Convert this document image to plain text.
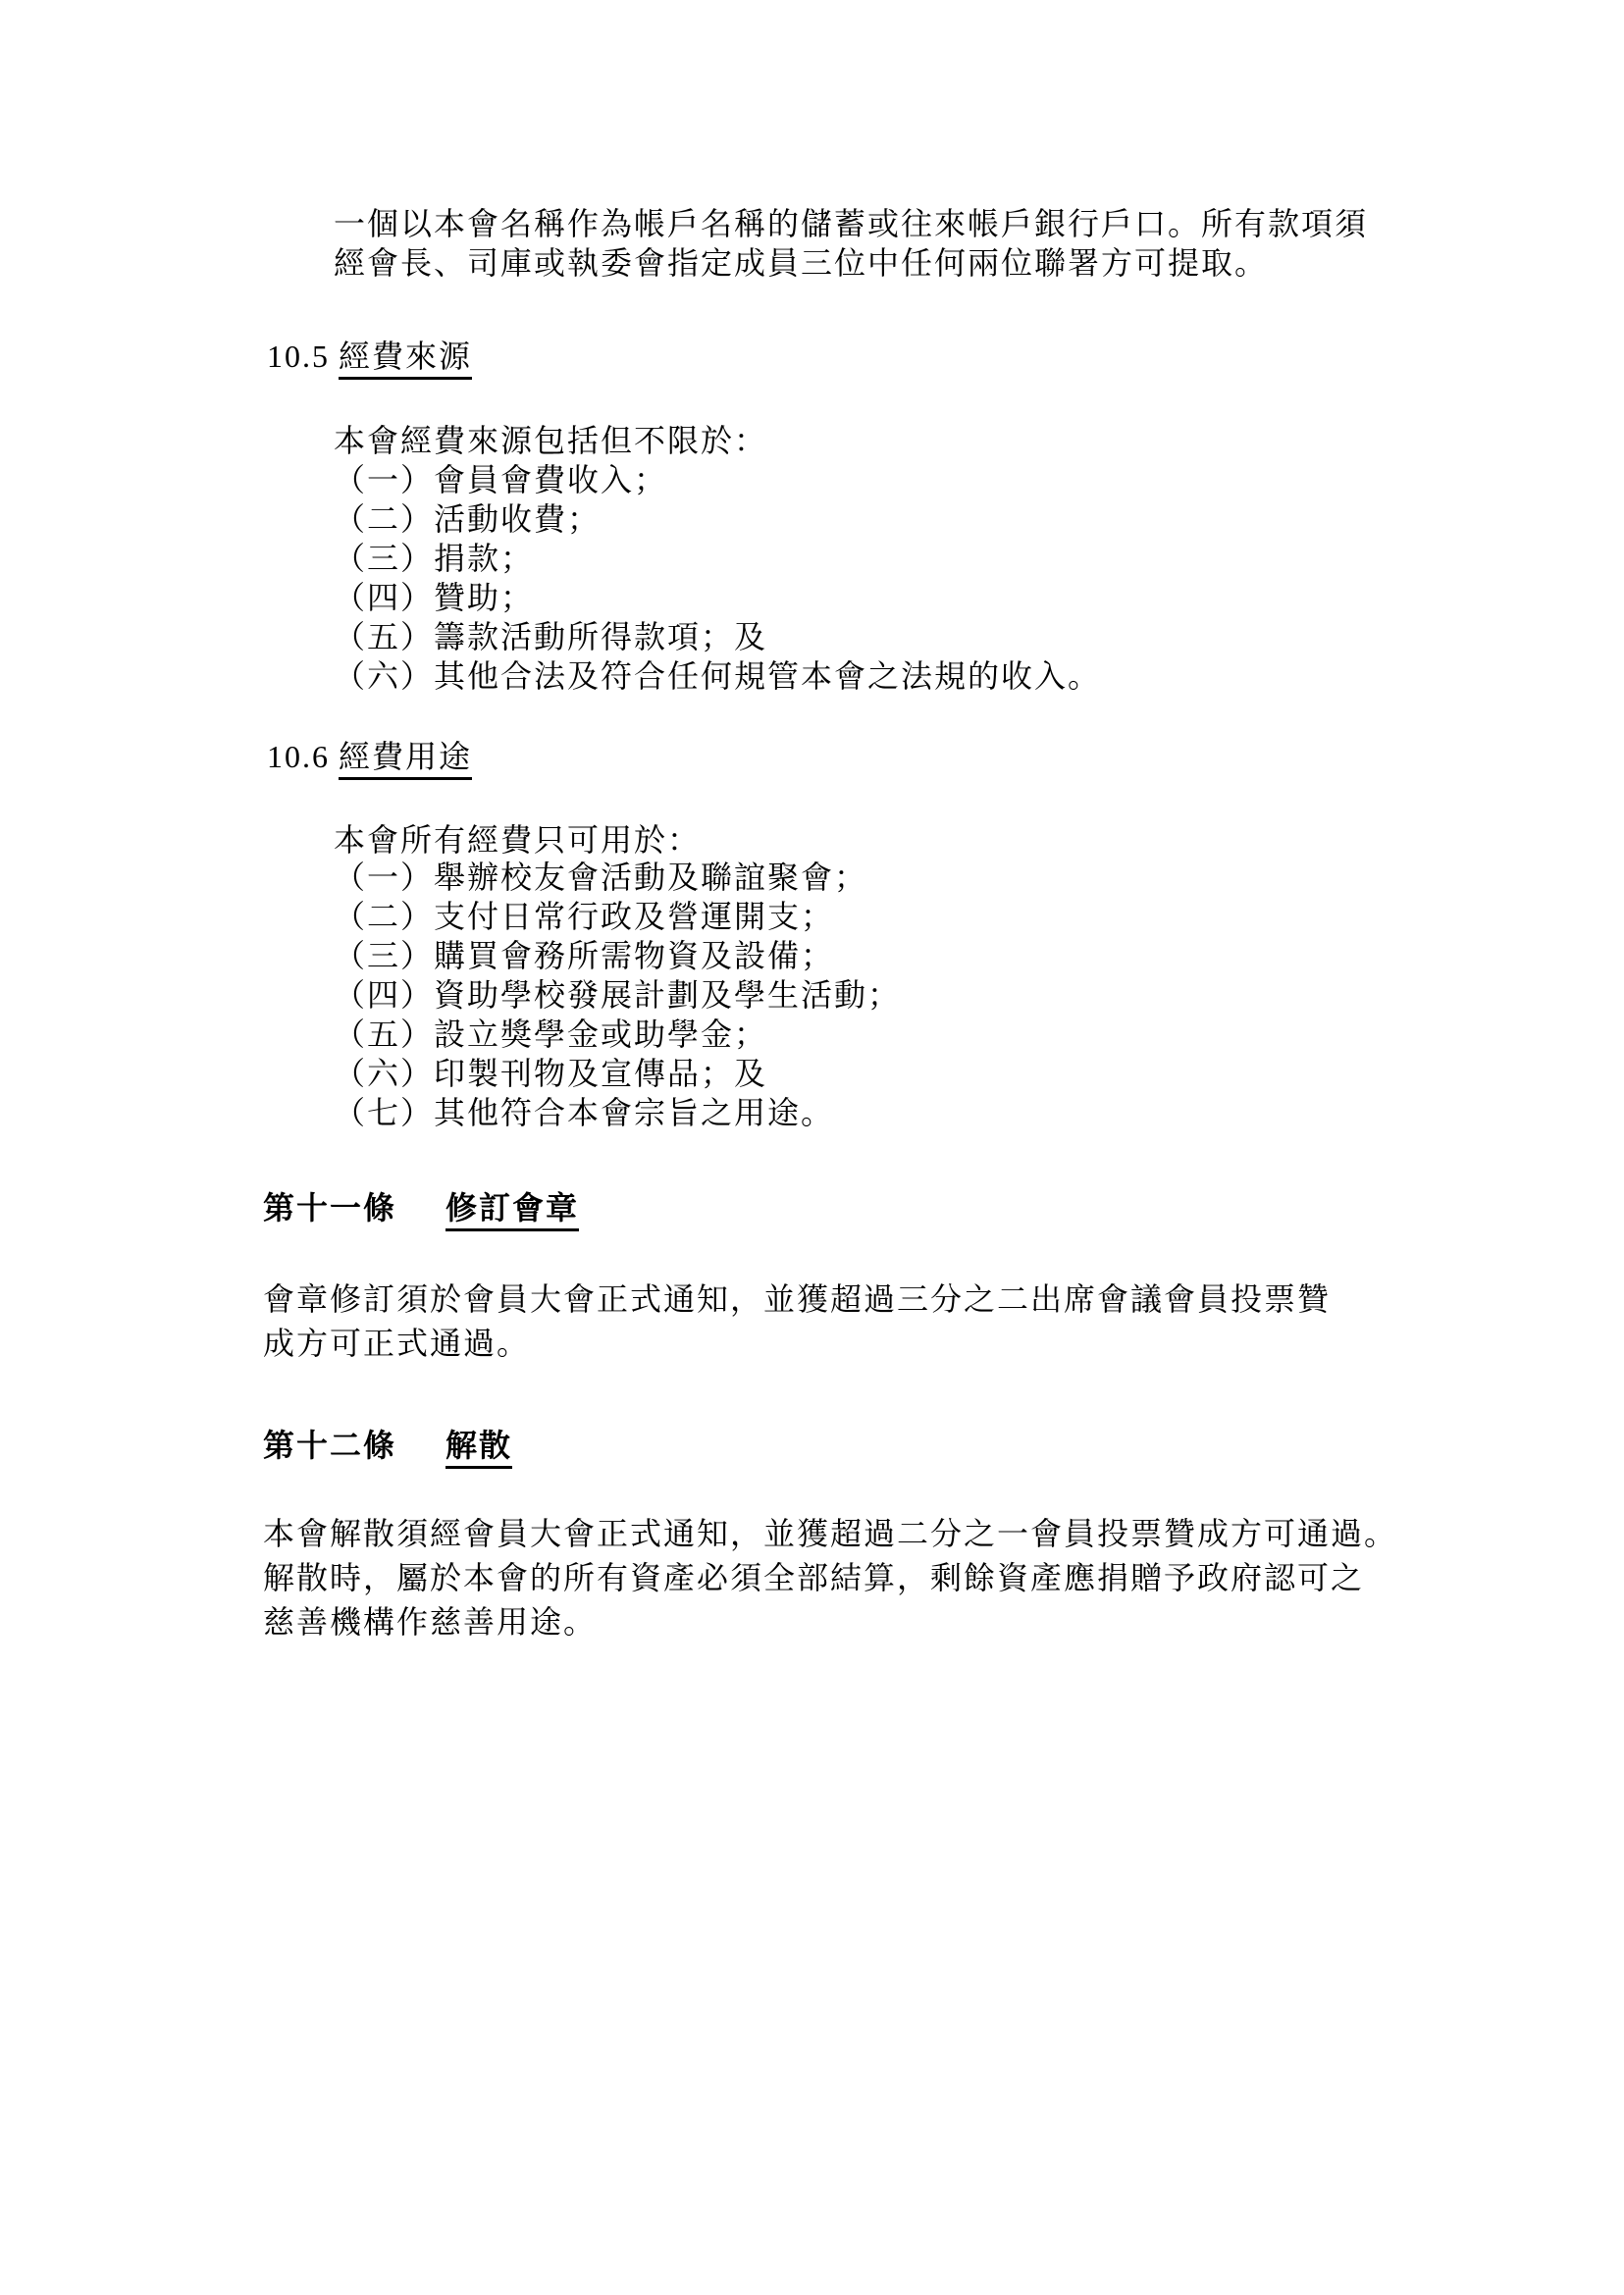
一個以本會名稱作為帳戶名稱的儲蓄或往來帳戶銀行戶口。所有款項須
經會長、司庫或執委會指定成員三位中任何兩位聯署方可提取。
10.5 經費來源
本會經費來源包括但不限於：
（一）會員會費收入；
（二）活動收費；
（三）捐款；
（四）贊助；
（五）籌款活動所得款項；及
（六）其他合法及符合任何規管本會之法規的收入。
10.6 經費用途
本會所有經費只可用於：
（一）舉辦校友會活動及聯誼聚會；
（二）支付日常行政及營運開支；
（三）購買會務所需物資及設備；
（四）資助學校發展計劃及學生活動；
（五）設立獎學金或助學金；
（六）印製刊物及宣傳品；及
（七）其他符合本會宗旨之用途。
第十一條 修訂會章
會章修訂須於會員大會正式通知，並獲超過三分之二出席會議會員投票贊
成方可正式通過。
第十二條 解散
本會解散須經會員大會正式通知，並獲超過二分之一會員投票贊成方可通過。
解散時，屬於本會的所有資產必須全部結算，剩餘資產應捐贈予政府認可之
慈善機構作慈善用途。
